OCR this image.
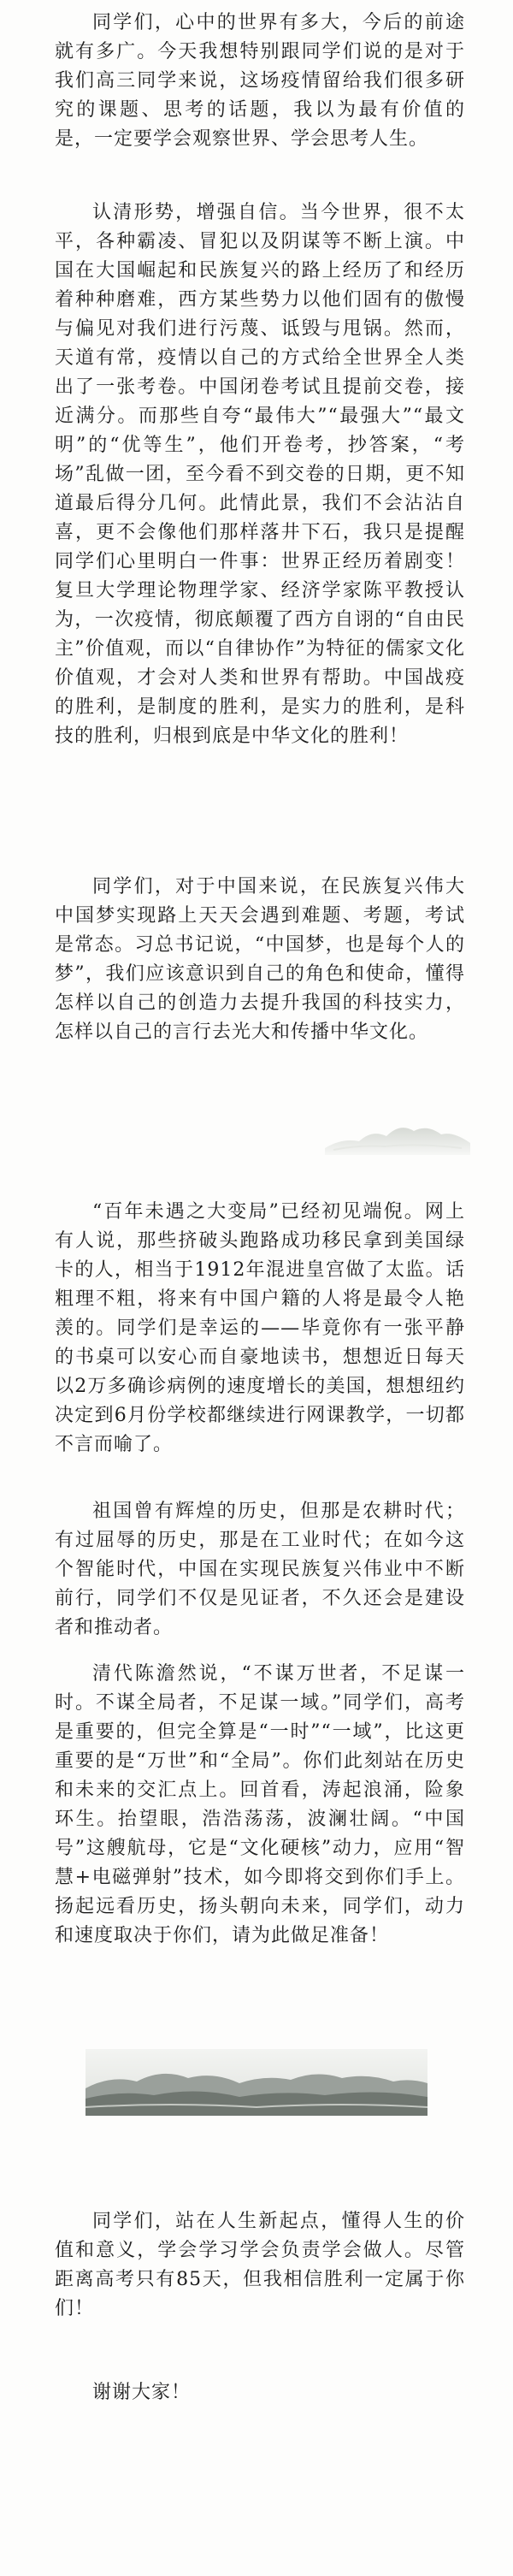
同学们，心中的世界有多大，今后的前途就有多广。今天我想特别跟同学们说的是对于我们高三同学来说，这场疫情留给我们很多研究的课题、思考的话题，我以为最有价值的是，一定要学会观察世界、学会思考人生。

认清形势，增强自信。当今世界，很不太平，各种霸凌、冒犯以及阴谋等不断上演。中国在大国崛起和民族复兴的路上经历了和经历着种种磨难，西方某些势力以他们固有的傲慢与偏见对我们进行污蔑、诋毁与甩锅。然而，天道有常，疫情以自己的方式给全世界全人类出了一张考卷。中国闭卷考试且提前交卷，接近满分。而那些自夸“最伟大”“最强大”“最文明”的“优等生”，他们开卷考，抄答案，“考场”乱做一团，至今看不到交卷的日期，更不知道最后得分几何。此情此景，我们不会沾沾自喜，更不会像他们那样落井下石，我只是提醒同学们心里明白一件事：世界正经历着剧变！复旦大学理论物理学家、经济学家陈平教授认为，一次疫情，彻底颠覆了西方自诩的“自由民主”价值观，而以“自律协作”为特征的儒家文化价值观，才会对人类和世界有帮助。中国战疫的胜利，是制度的胜利，是实力的胜利，是科技的胜利，归根到底是中华文化的胜利！

同学们，对于中国来说，在民族复兴伟大中国梦实现路上天天会遇到难题、考题，考试是常态。习总书记说，“中国梦，也是每个人的梦”，我们应该意识到自己的角色和使命，懂得怎样以自己的创造力去提升我国的科技实力，怎样以自己的言行去光大和传播中华文化。

“百年未遇之大变局”已经初见端倪。网上有人说，那些挤破头跑路成功移民拿到美国绿卡的人，相当于1912年混进皇宫做了太监。话粗理不粗，将来有中国户籍的人将是最令人艳羡的。同学们是幸运的——毕竟你有一张平静的书桌可以安心而自豪地读书，想想近日每天以2万多确诊病例的速度增长的美国，想想纽约决定到6月份学校都继续进行网课教学，一切都不言而喻了。

祖国曾有辉煌的历史，但那是农耕时代；有过屈辱的历史，那是在工业时代；在如今这个智能时代，中国在实现民族复兴伟业中不断前行，同学们不仅是见证者，不久还会是建设者和推动者。

清代陈澹然说，“不谋万世者，不足谋一时。不谋全局者，不足谋一域。”同学们，高考是重要的，但完全算是“一时”“一域”，比这更重要的是“万世”和“全局”。你们此刻站在历史和未来的交汇点上。回首看，涛起浪涌，险象环生。抬望眼，浩浩荡荡，波澜壮阔。“中国号”这艘航母，它是“文化硬核”动力，应用“智慧+电磁弹射”技术，如今即将交到你们手上。扬起远看历史，扬头朝向未来，同学们，动力和速度取决于你们，请为此做足准备！

同学们，站在人生新起点，懂得人生的价值和意义，学会学习学会负责学会做人。尽管距离高考只有85天，但我相信胜利一定属于你们！

谢谢大家！
